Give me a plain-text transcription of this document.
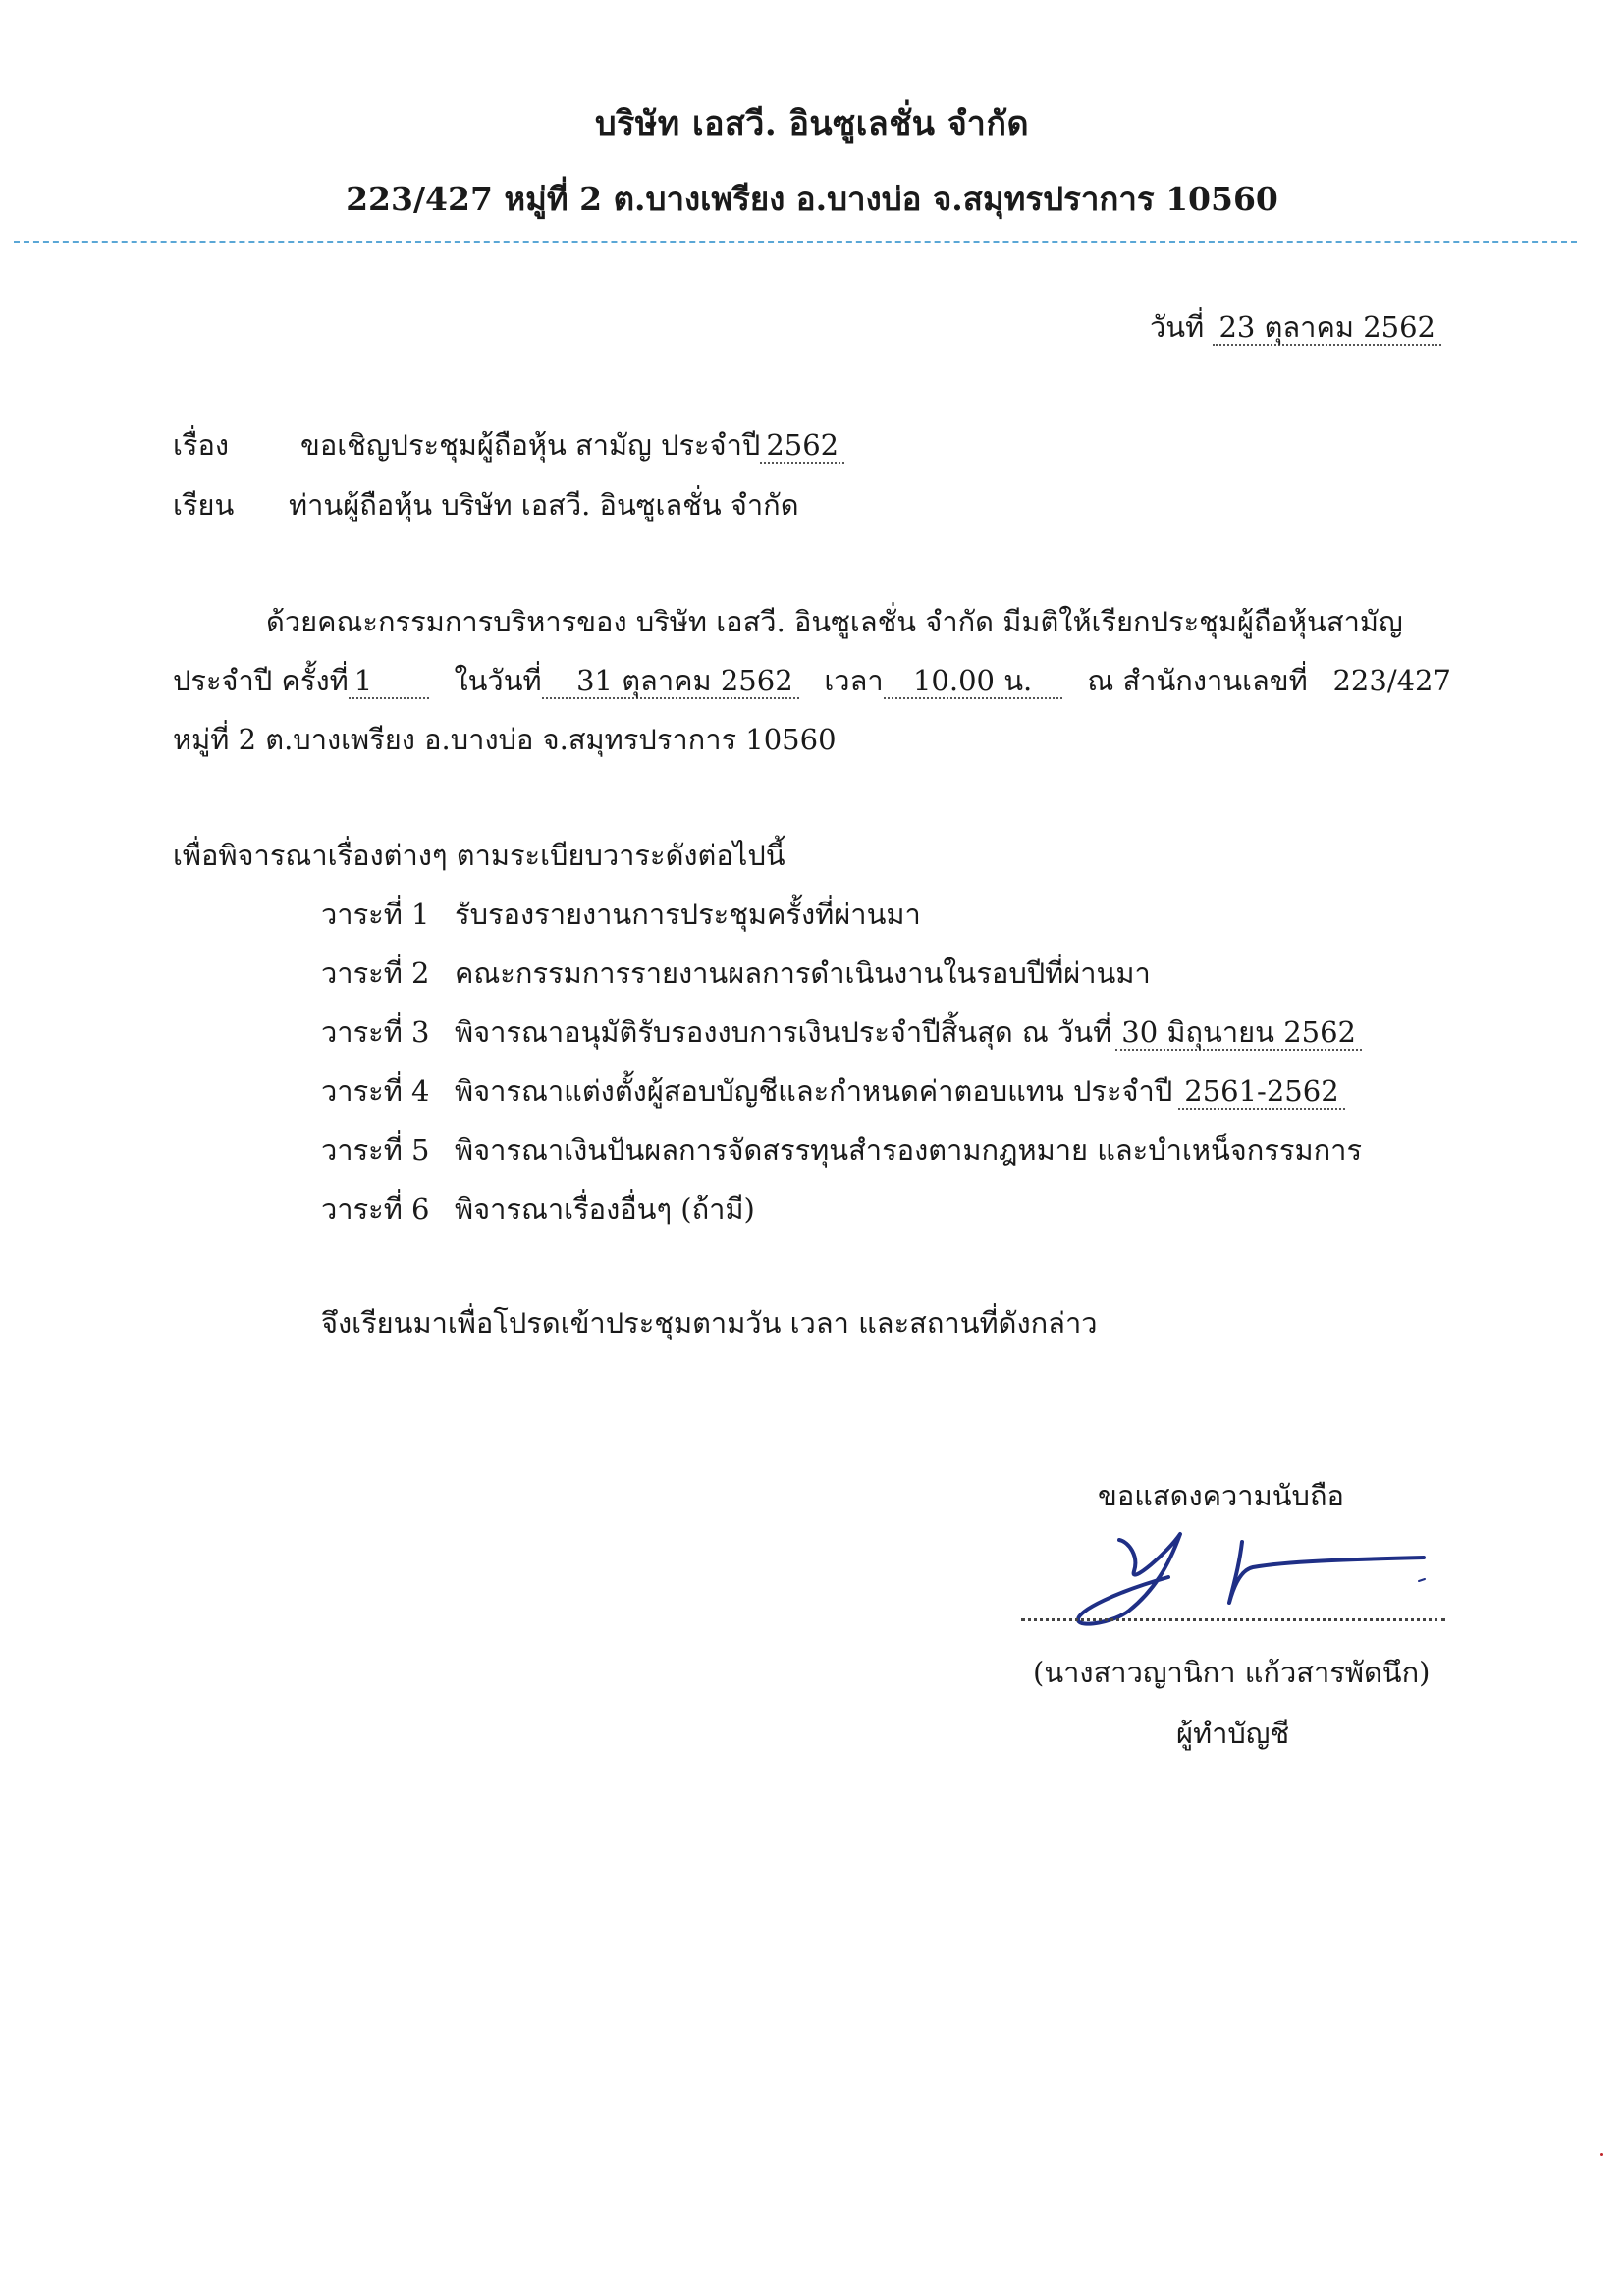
บริษัท เอสวี. อินซูเลชั่น จำกัด
223/427 หมู่ที่ 2 ต.บางเพรียง อ.บางบ่อ จ.สมุทรปราการ 10560
วันที่ 23 ตุลาคม 2562
เรื่อง	ขอเชิญประชุมผู้ถือหุ้น สามัญ ประจำปี 2562
เรียน ท่านผู้ถือหุ้น บริษัท เอสวี. อินซูเลชั่น จำกัด
ด้วยคณะกรรมการบริหารของ บริษัท เอสวี. อินซูเลชั่น จำกัด มีมติให้เรียกประชุมผู้ถือหุ้นสามัญ
ประจำปี ครั้งที่ 1	ในวันที่ 31 ตุลาคม 2562 เวลา 10.00 น.	ณ สำนักงานเลขที่ 223/427
หมู่ที่ 2 ต.บางเพรียง อ.บางบ่อ จ.สมุทรปราการ 10560
เพื่อพิจารณาเรื่องต่างๆ ตามระเบียบวาระดังต่อไปนี้
วาระที่ 1 รับรองรายงานการประชุมครั้งที่ผ่านมา
วาระที่ 2 คณะกรรมการรายงานผลการดำเนินงานในรอบปีที่ผ่านมา
วาระที่ 3 พิจารณาอนุมัติรับรองงบการเงินประจำปีสิ้นสุด ณ วันที่ 30 มิถุนายน 2562
วาระที่ 4 พิจารณาแต่งตั้งผู้สอบบัญชีและกำหนดค่าตอบแทน ประจำปี 2561-2562
วาระที่ 5 พิจารณาเงินปันผลการจัดสรรทุนสำรองตามกฎหมาย และบำเหน็จกรรมการ
วาระที่ 6 พิจารณาเรื่องอื่นๆ (ถ้ามี)
จึงเรียนมาเพื่อโปรดเข้าประชุมตามวัน เวลา และสถานที่ดังกล่าว
ขอแสดงความนับถือ
(นางสาวญานิกา แก้วสารพัดนึก)
ผู้ทำบัญชี
